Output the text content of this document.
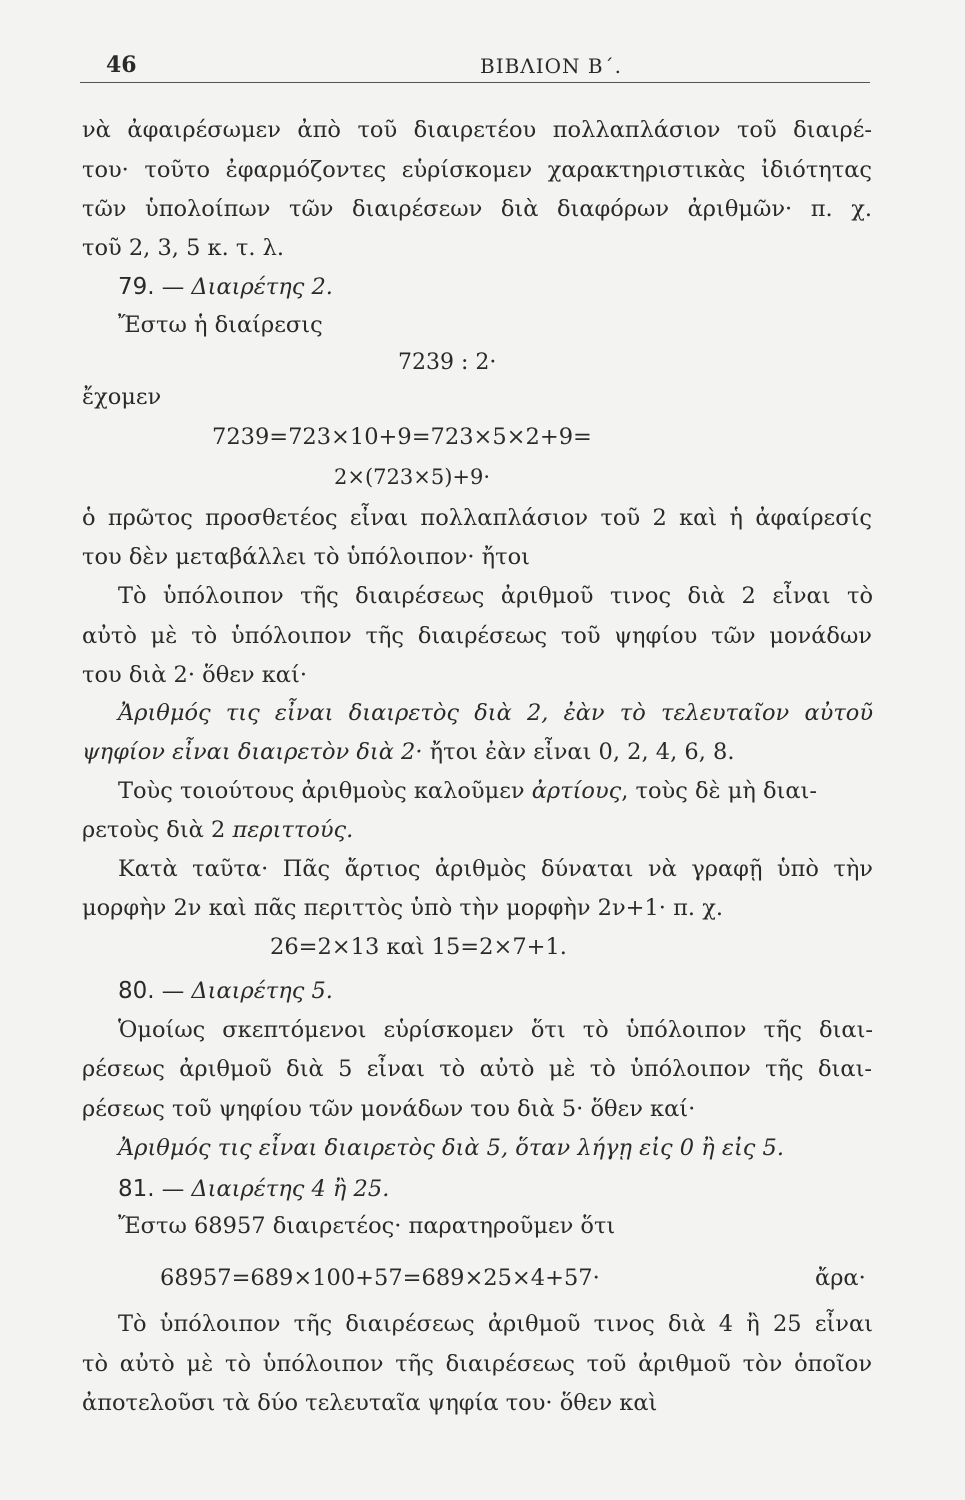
46	ΒΙΒΛΙΟΝ Β΄.
νὰ ἀφαιρέσωμεν ἀπὸ τοῦ διαιρετέου πολλαπλάσιον τοῦ διαιρέ-
του· τοῦτο ἐφαρμόζοντες εὑρίσκομεν χαρακτηριστικὰς ἰδιότητας
τῶν ὑπολοίπων τῶν διαιρέσεων διὰ διαφόρων ἀριθμῶν· π. χ.
τοῦ 2, 3, 5 κ. τ. λ.
79. — Διαιρέτης 2.
Ἔστω ἡ διαίρεσις
7239 : 2·
ἔχομεν
7239=723×10+9=723×5×2+9=
2×(723×5)+9·
ὁ πρῶτος προσθετέος εἶναι πολλαπλάσιον τοῦ 2 καὶ ἡ ἀφαίρεσίς
του δὲν μεταβάλλει τὸ ὑπόλοιπον· ἤτοι
Τὸ ὑπόλοιπον τῆς διαιρέσεως ἀριθμοῦ τινος διὰ 2 εἶναι τὸ
αὐτὸ μὲ τὸ ὑπόλοιπον τῆς διαιρέσεως τοῦ ψηφίου τῶν μονάδων
του διὰ 2· ὅθεν καί·
Ἀριθμός τις εἶναι διαιρετὸς διὰ 2, ἐὰν τὸ τελευταῖον αὐτοῦ
ψηφίον εἶναι διαιρετὸν διὰ 2· ἤτοι ἐὰν εἶναι 0, 2, 4, 6, 8.
Τοὺς τοιούτους ἀριθμοὺς καλοῦμεν ἀρτίους, τοὺς δὲ μὴ διαι-
ρετοὺς διὰ 2 περιττούς.
Κατὰ ταῦτα· Πᾶς ἄρτιος ἀριθμὸς δύναται νὰ γραφῇ ὑπὸ τὴν
μορφὴν 2ν καὶ πᾶς περιττὸς ὑπὸ τὴν μορφὴν 2ν+1· π. χ.
26=2×13 καὶ 15=2×7+1.
80. — Διαιρέτης 5.
Ὁμοίως σκεπτόμενοι εὑρίσκομεν ὅτι τὸ ὑπόλοιπον τῆς διαι-
ρέσεως ἀριθμοῦ διὰ 5 εἶναι τὸ αὐτὸ μὲ τὸ ὑπόλοιπον τῆς διαι-
ρέσεως τοῦ ψηφίου τῶν μονάδων του διὰ 5· ὅθεν καί·
Ἀριθμός τις εἶναι διαιρετὸς διὰ 5, ὅταν λήγῃ εἰς 0 ἢ εἰς 5.
81. — Διαιρέτης 4 ἢ 25.
Ἔστω 68957 διαιρετέος· παρατηροῦμεν ὅτι
68957=689×100+57=689×25×4+57·	ἄρα·
Τὸ ὑπόλοιπον τῆς διαιρέσεως ἀριθμοῦ τινος διὰ 4 ἢ 25 εἶναι
τὸ αὐτὸ μὲ τὸ ὑπόλοιπον τῆς διαιρέσεως τοῦ ἀριθμοῦ τὸν ὁποῖον
ἀποτελοῦσι τὰ δύο τελευταῖα ψηφία του· ὅθεν καὶ
